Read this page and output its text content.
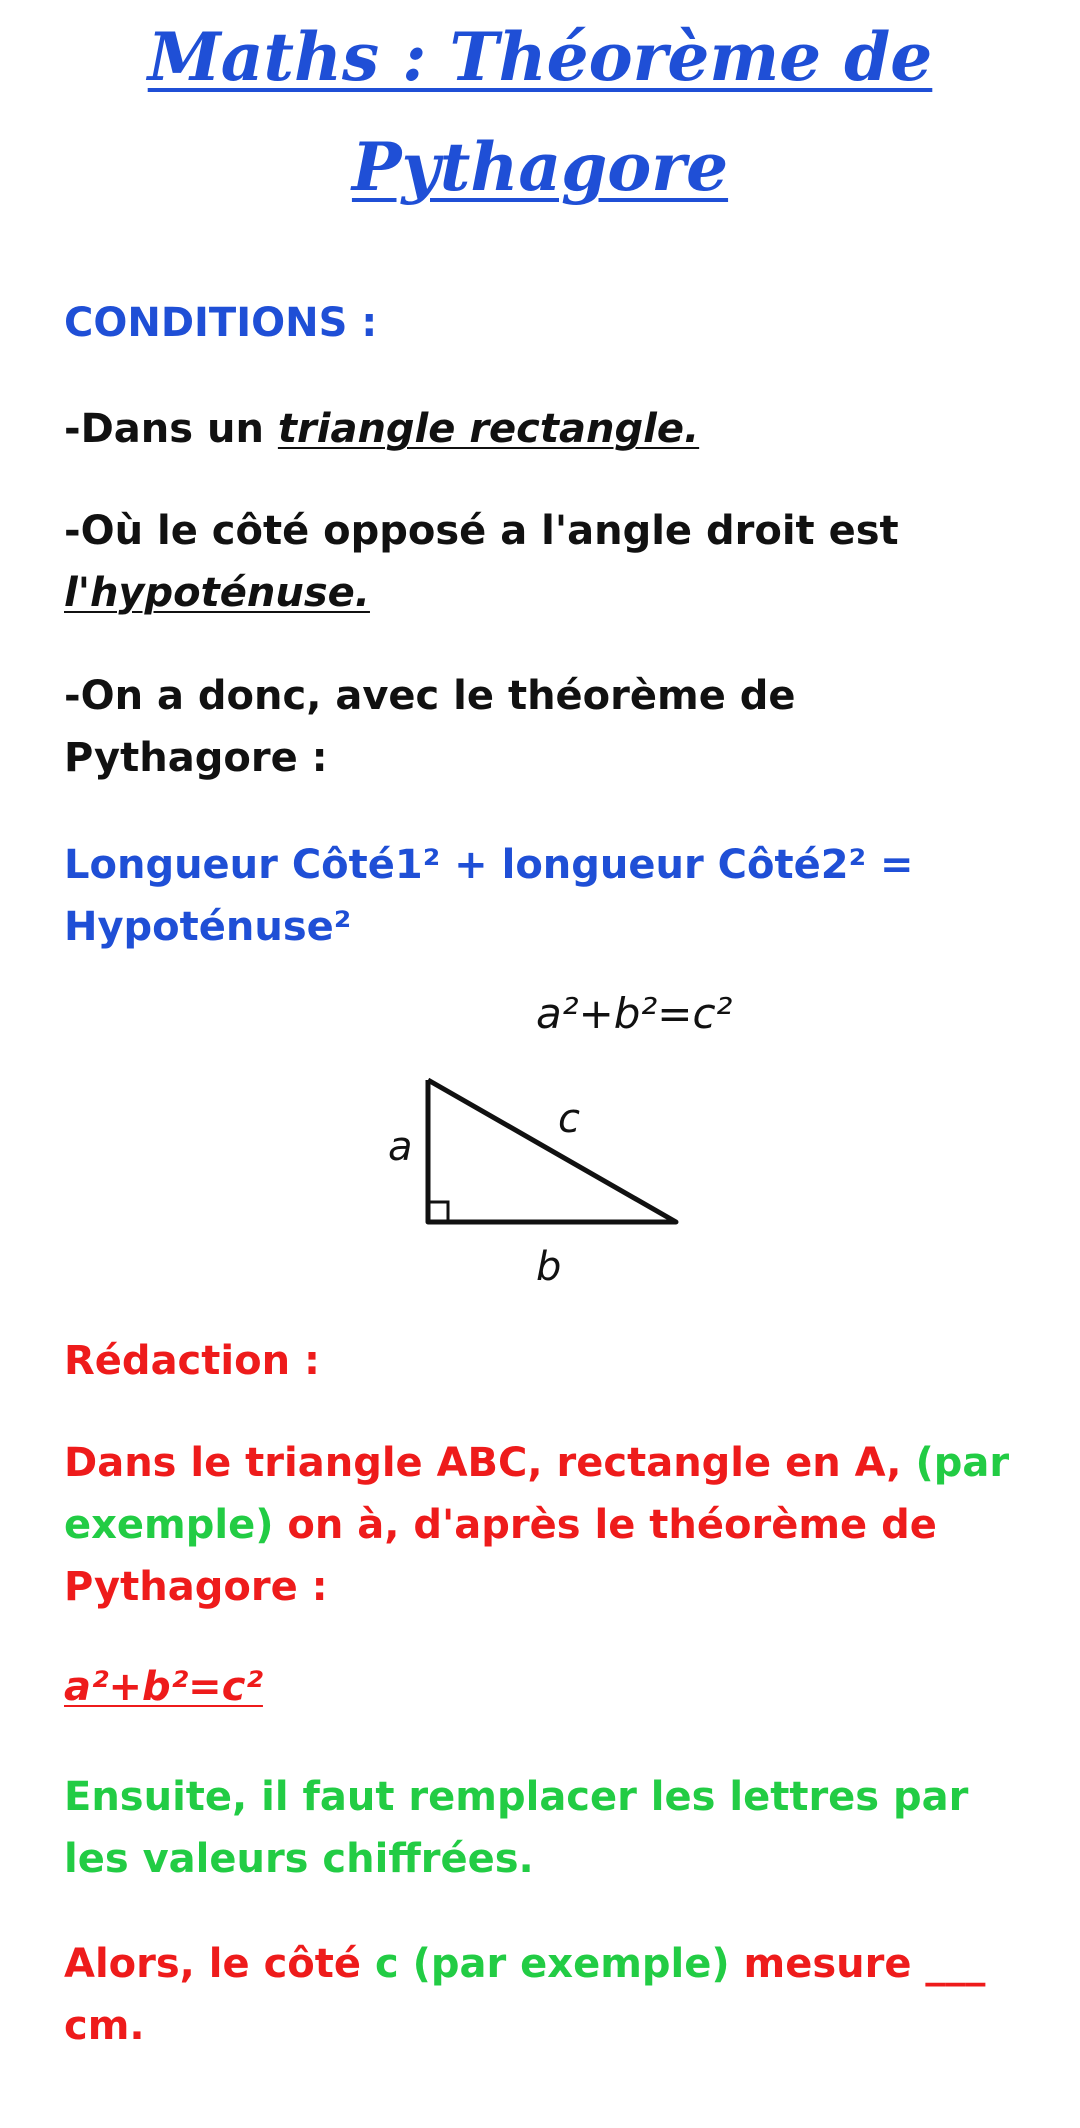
Maths : Théorème de
Pythagore

CONDITIONS :

-Dans un triangle rectangle.

-Où le côté opposé a l'angle droit est
l'hypoténuse.

-On a donc, avec le théorème de
Pythagore :

Longueur Côté1² + longueur Côté2² =
Hypoténuse²

a²+b²=c²
a
c
b

Rédaction :

Dans le triangle ABC, rectangle en A, (par
exemple) on à, d'après le théorème de
Pythagore :

a²+b²=c²

Ensuite, il faut remplacer les lettres par
les valeurs chiffrées.

Alors, le côté c (par exemple) mesure ___
cm.
